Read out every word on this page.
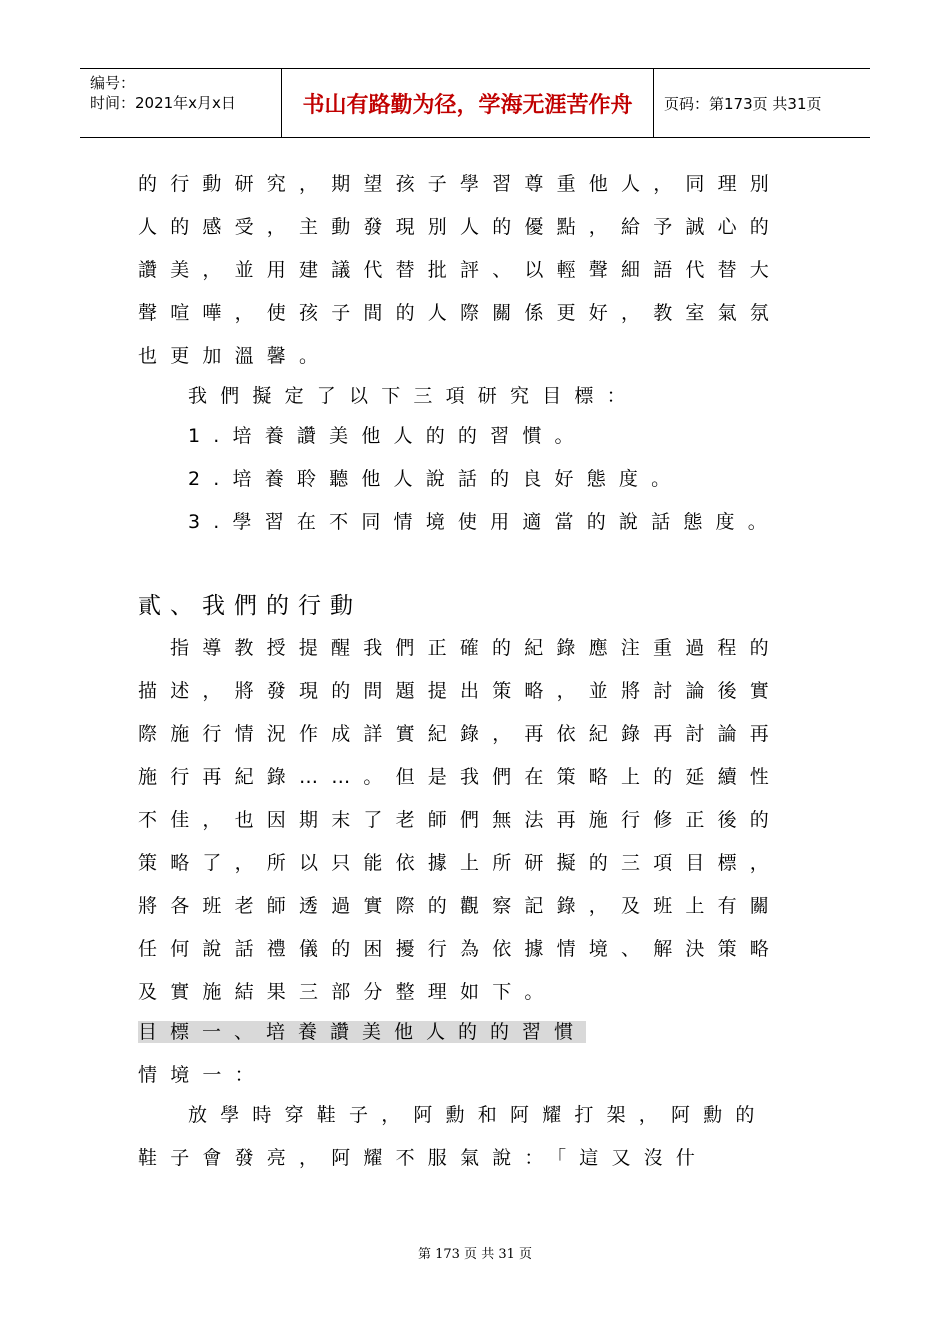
编号：
时间：2021年x月x日	书山有路勤为径，学海无涯苦作舟	页码：第173页 共31页
的行動研究，期望孩子學習尊重他人，同理別
人的感受，主動發現別人的優點，給予誠心的
讚美，並用建議代替批評、以輕聲細語代替大
聲喧嘩，使孩子間的人際關係更好，教室氣氛
也更加溫馨。
我們擬定了以下三項研究目標：
1.培養讚美他人的的習慣。
2.培養聆聽他人說話的良好態度。
3.學習在不同情境使用適當的說話態度。
貳、我們的行動
指導教授提醒我們正確的紀錄應注重過程的
描述，將發現的問題提出策略，並將討論後實
際施行情況作成詳實紀錄，再依紀錄再討論再
施行再紀錄……。但是我們在策略上的延續性
不佳，也因期末了老師們無法再施行修正後的
策略了，所以只能依據上所研擬的三項目標，
將各班老師透過實際的觀察記錄，及班上有關
任何說話禮儀的困擾行為依據情境、解決策略
及實施結果三部分整理如下。
目標一、培養讚美他人的的習慣
情境一：
放學時穿鞋子，阿勳和阿耀打架，阿勳的
鞋子會發亮，阿耀不服氣說：「這又沒什
第 173 页 共 31 页
